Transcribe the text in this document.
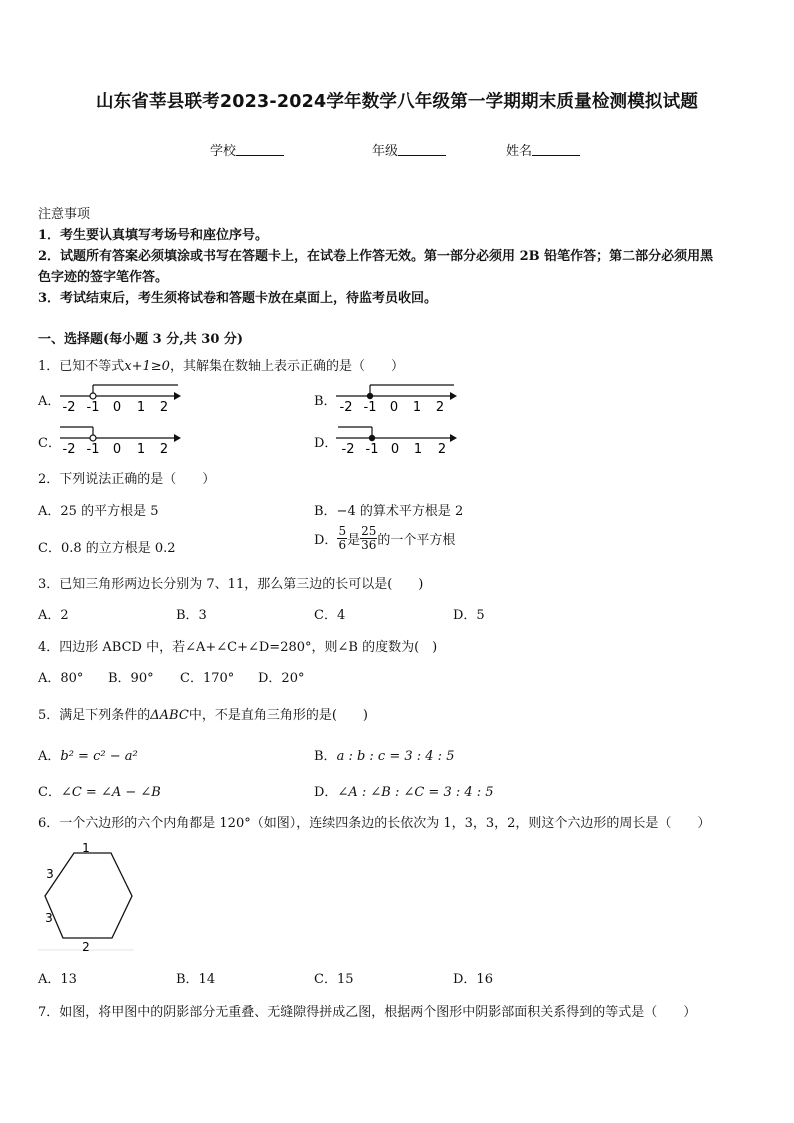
山东省莘县联考2023-2024学年数学八年级第一学期期末质量检测模拟试题
学校	年级	姓名
注意事项
1．考生要认真填写考场号和座位序号。
2．试题所有答案必须填涂或书写在答题卡上，在试卷上作答无效。第一部分必须用 2B 铅笔作答；第二部分必须用黑
色字迹的签字笔作答。
3．考试结束后，考生须将试卷和答题卡放在桌面上，待监考员收回。
一、选择题(每小题 3 分,共 30 分)
1．已知不等式x+1≥0，其解集在数轴上表示正确的是（　　）
A． -2 -1 0 1 2	B． -2 -1 0 1 2
C． -2 -1 0 1 2	D． -2 -1 0 1 2
2．下列说法正确的是（　　）
A．25 的平方根是 5	B．−4 的算术平方根是 2
C．0.8 的立方根是 0.2
D． $\frac{5}{6}$ 是 $\frac{25}{36}$ 的一个平方根
3．已知三角形两边长分别为 7、11，那么第三边的长可以是(　　)
A．2	B．3	C．4	D．5
4．四边形 ABCD 中，若∠A+∠C+∠D=280°，则∠B 的度数为(　)
A．80° B．90° C．170° D．20°
5．满足下列条件的ΔABC中，不是直角三角形的是(　　)
A．b² = c² − a²	B．a : b : c = 3 : 4 : 5
C．∠C = ∠A − ∠B	D．∠A : ∠B : ∠C = 3 : 4 : 5
6．一个六边形的六个内角都是 120°（如图），连续四条边的长依次为 1，3，3，2，则这个六边形的周长是（　　）
1
3
3
2
A．13	B．14	C．15	D．16
7．如图，将甲图中的阴影部分无重叠、无缝隙得拼成乙图，根据两个图形中阴影部面积关系得到的等式是（　　）
